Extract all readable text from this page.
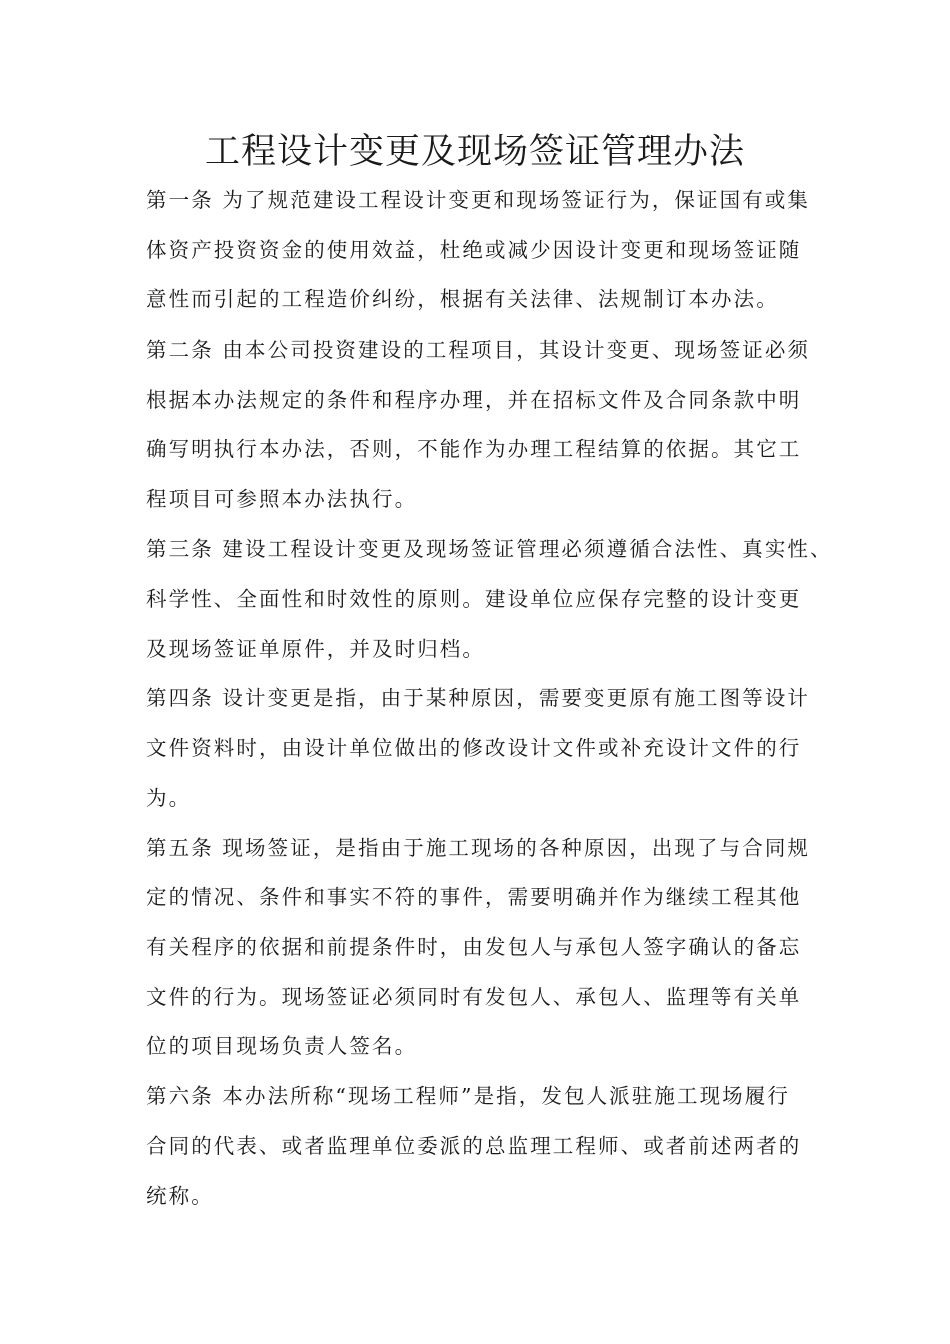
工程设计变更及现场签证管理办法

第一条 为了规范建设工程设计变更和现场签证行为，保证国有或集

体资产投资资金的使用效益，杜绝或减少因设计变更和现场签证随

意性而引起的工程造价纠纷，根据有关法律、法规制订本办法。

第二条 由本公司投资建设的工程项目，其设计变更、现场签证必须

根据本办法规定的条件和程序办理，并在招标文件及合同条款中明

确写明执行本办法，否则，不能作为办理工程结算的依据。其它工

程项目可参照本办法执行。

第三条 建设工程设计变更及现场签证管理必须遵循合法性、真实性、

科学性、全面性和时效性的原则。建设单位应保存完整的设计变更

及现场签证单原件，并及时归档。

第四条 设计变更是指，由于某种原因，需要变更原有施工图等设计

文件资料时，由设计单位做出的修改设计文件或补充设计文件的行

为。

第五条 现场签证，是指由于施工现场的各种原因，出现了与合同规

定的情况、条件和事实不符的事件，需要明确并作为继续工程其他

有关程序的依据和前提条件时，由发包人与承包人签字确认的备忘

文件的行为。现场签证必须同时有发包人、承包人、监理等有关单

位的项目现场负责人签名。

第六条 本办法所称“现场工程师”是指，发包人派驻施工现场履行

合同的代表、或者监理单位委派的总监理工程师、或者前述两者的

统称。
